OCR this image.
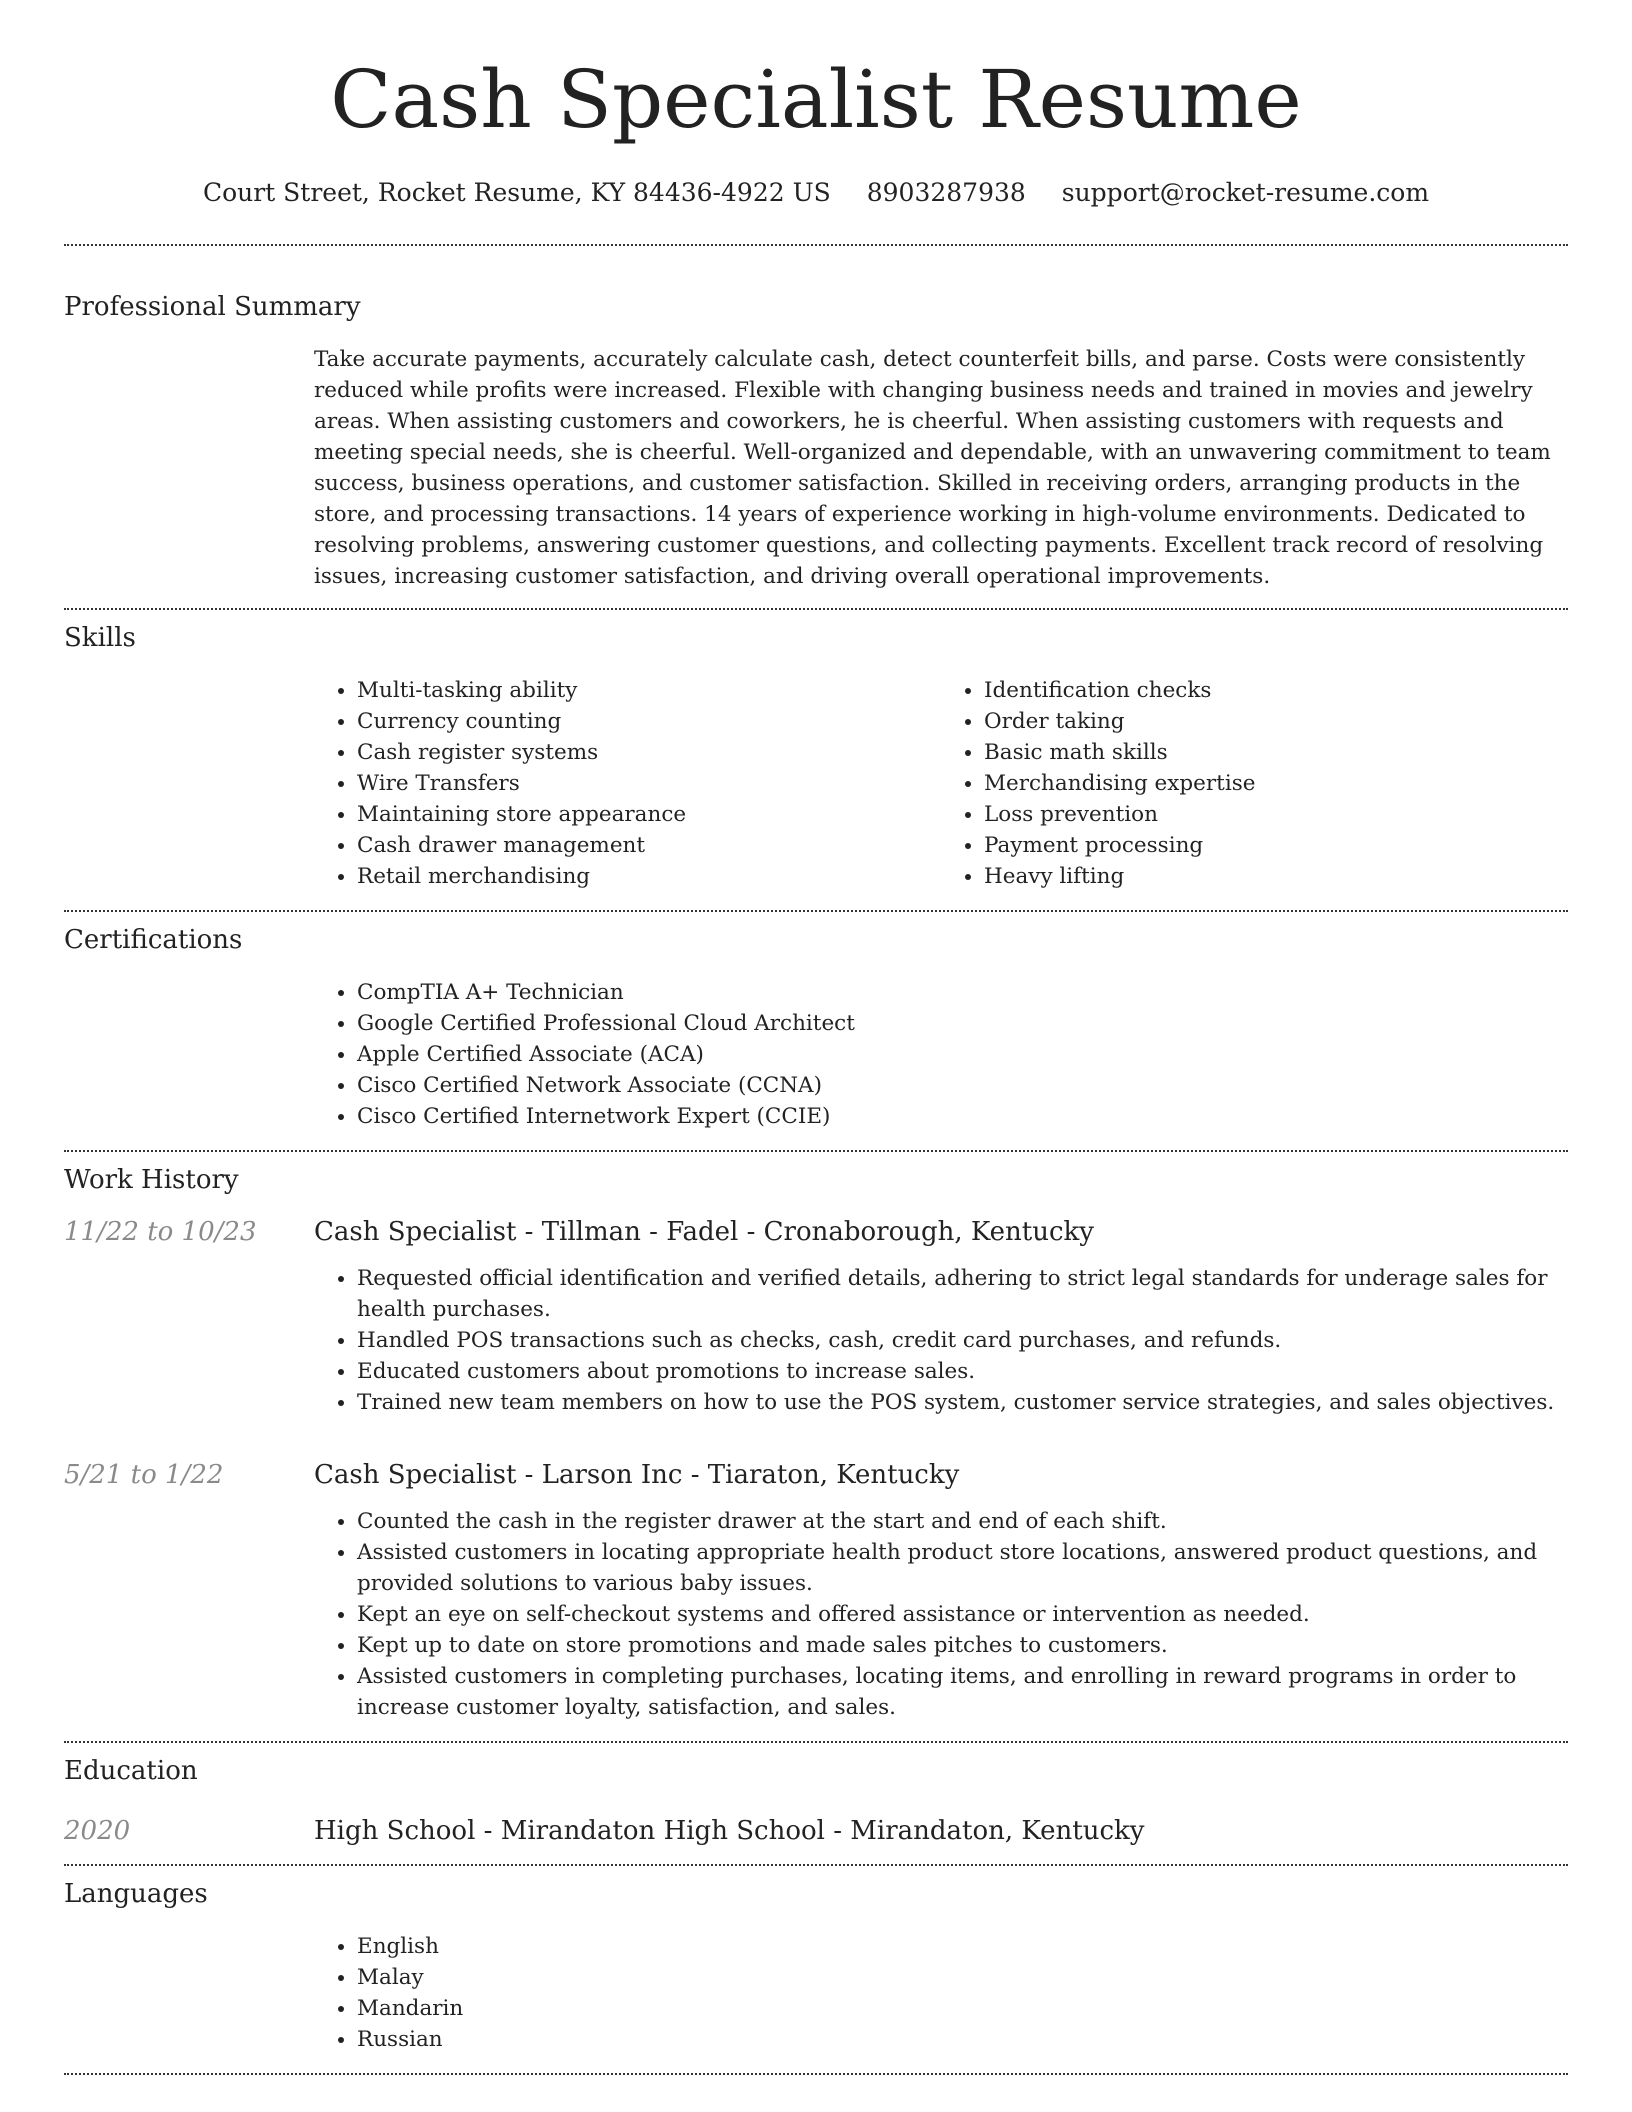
Cash Specialist Resume
Court Street, Rocket Resume, KY 84436-4922 US 8903287938 support@rocket-resume.com
Professional Summary
Take accurate payments, accurately calculate cash, detect counterfeit bills, and parse. Costs were consistently reduced while profits were increased. Flexible with changing business needs and trained in movies and jewelry areas. When assisting customers and coworkers, he is cheerful. When assisting customers with requests and meeting special needs, she is cheerful. Well-organized and dependable, with an unwavering commitment to team success, business operations, and customer satisfaction. Skilled in receiving orders, arranging products in the store, and processing transactions. 14 years of experience working in high-volume environments. Dedicated to resolving problems, answering customer questions, and collecting payments. Excellent track record of resolving issues, increasing customer satisfaction, and driving overall operational improvements.
Skills
• Multi-tasking ability
• Currency counting
• Cash register systems
• Wire Transfers
• Maintaining store appearance
• Cash drawer management
• Retail merchandising
• Identification checks
• Order taking
• Basic math skills
• Merchandising expertise
• Loss prevention
• Payment processing
• Heavy lifting
Certifications
• CompTIA A+ Technician
• Google Certified Professional Cloud Architect
• Apple Certified Associate (ACA)
• Cisco Certified Network Associate (CCNA)
• Cisco Certified Internetwork Expert (CCIE)
Work History
11/22 to 10/23	Cash Specialist - Tillman - Fadel - Cronaborough, Kentucky
• Requested official identification and verified details, adhering to strict legal standards for underage sales for health purchases.
• Handled POS transactions such as checks, cash, credit card purchases, and refunds.
• Educated customers about promotions to increase sales.
• Trained new team members on how to use the POS system, customer service strategies, and sales objectives.
5/21 to 1/22	Cash Specialist - Larson Inc - Tiaraton, Kentucky
• Counted the cash in the register drawer at the start and end of each shift.
• Assisted customers in locating appropriate health product store locations, answered product questions, and provided solutions to various baby issues.
• Kept an eye on self-checkout systems and offered assistance or intervention as needed.
• Kept up to date on store promotions and made sales pitches to customers.
• Assisted customers in completing purchases, locating items, and enrolling in reward programs in order to increase customer loyalty, satisfaction, and sales.
Education
2020	High School - Mirandaton High School - Mirandaton, Kentucky
Languages
• English
• Malay
• Mandarin
• Russian
